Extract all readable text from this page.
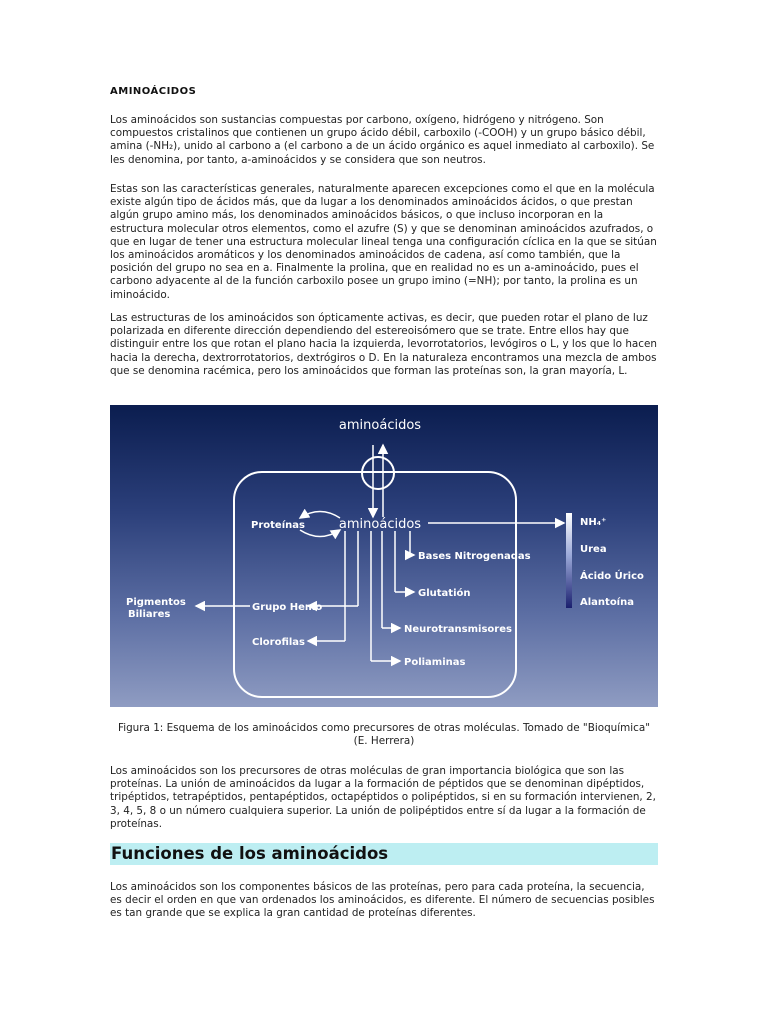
AMINOÁCIDOS

Los aminoácidos son sustancias compuestas por carbono, oxígeno, hidrógeno y nitrógeno. Son compuestos cristalinos que contienen un grupo ácido débil, carboxilo (-COOH) y un grupo básico débil, amina (-NH₂), unido al carbono a (el carbono a de un ácido orgánico es aquel inmediato al carboxilo). Se les denomina, por tanto, a-aminoácidos y se considera que son neutros.

Estas son las características generales, naturalmente aparecen excepciones como el que en la molécula existe algún tipo de ácidos más, que da lugar a los denominados aminoácidos ácidos, o que prestan algún grupo amino más, los denominados aminoácidos básicos, o que incluso incorporan en la estructura molecular otros elementos, como el azufre (S) y que se denominan aminoácidos azufrados, o que en lugar de tener una estructura molecular lineal tenga una configuración cíclica en la que se sitúan los aminoácidos aromáticos y los denominados aminoácidos de cadena, así como también, que la posición del grupo no sea en a. Finalmente la prolina, que en realidad no es un a-aminoácido, pues el carbono adyacente al de la función carboxilo posee un grupo imino (=NH); por tanto, la prolina es un iminoácido.

Las estructuras de los aminoácidos son ópticamente activas, es decir, que pueden rotar el plano de luz polarizada en diferente dirección dependiendo del estereoisómero que se trate. Entre ellos hay que distinguir entre los que rotan el plano hacia la izquierda, levorrotatorios, levógiros o L, y los que lo hacen hacia la derecha, dextrorrotatorios, dextrógiros o D. En la naturaleza encontramos una mezcla de ambos que se denomina racémica, pero los aminoácidos que forman las proteínas son, la gran mayoría, L.

aminoácidos
aminoácidos
Proteínas	NH₄⁺
Urea
Ácido Úrico
Alantoína
Bases Nitrogenadas
Glutatión
Neurotransmisores
Poliaminas
Grupo Hemo
Clorofilas
Pigmentos
Biliares

Figura 1: Esquema de los aminoácidos como precursores de otras moléculas. Tomado de "Bioquímica" (E. Herrera)

Los aminoácidos son los precursores de otras moléculas de gran importancia biológica que son las proteínas. La unión de aminoácidos da lugar a la formación de péptidos que se denominan dipéptidos, tripéptidos, tetrapéptidos, pentapéptidos, octapéptidos o polipéptidos, si en su formación intervienen, 2, 3, 4, 5, 8 o un número cualquiera superior. La unión de polipéptidos entre sí da lugar a la formación de proteínas.

Funciones de los aminoácidos

Los aminoácidos son los componentes básicos de las proteínas, pero para cada proteína, la secuencia, es decir el orden en que van ordenados los aminoácidos, es diferente. El número de secuencias posibles es tan grande que se explica la gran cantidad de proteínas diferentes.
